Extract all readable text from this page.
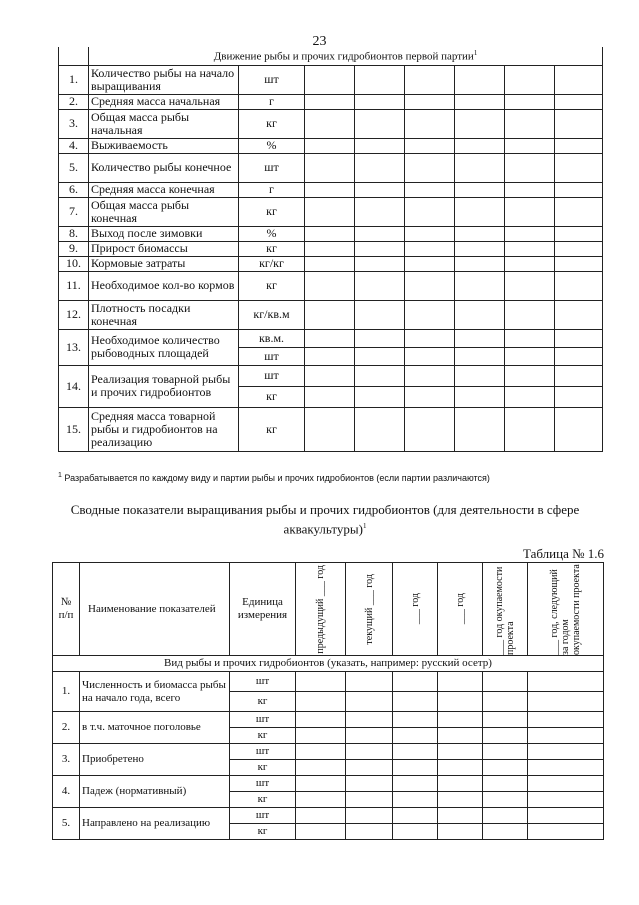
23
	Движение рыбы и прочих гидробионтов первой партии$^1$
1.	Количество рыбы на начало выращивания	шт						
2.	Средняя масса начальная	г						
3.	Общая масса рыбы начальная	кг						
4.	Выживаемость	%						
5.	Количество рыбы конечное	шт						
6.	Средняя масса конечная	г						
7.	Общая масса рыбы конечная	кг						
8.	Выход после зимовки	%						
9.	Прирост биомассы	кг						
10.	Кормовые затраты	кг/кг						
11.	Необходимое кол-во кормов	кг						
12.	Плотность посадки конечная	кг/кв.м						
13.	Необходимое количество рыбоводных площадей	кв.м.						
		шт						
14.	Реализация товарной рыбы и прочих гидробионтов	шт						
		кг						
15.	Средняя масса товарной рыбы и гидробионтов на реализацию	кг						
$^1$ Разрабатывается по каждому виду и партии рыбы и прочих гидробионтов (если партии различаются)
Сводные показатели выращивания рыбы и прочих гидробионтов (для деятельности в сфере аквакультуры)$^1$
Таблица № 1.6
№ п/п	Наименование показателей	Единица измерения	предыдущий ___ год	текущий ___ год	___ год	___ год	___ год окупаемости проекта	___ год, следующий за годом окупаемости проекта

Вид рыбы и прочих гидробионтов (указать, например: русский осетр)								
1.	Численность и биомасса рыбы на начало года, всего	шт						
		кг						
2.	в т.ч. маточное поголовье	шт						
		кг						
3.	Приобретено	шт						
		кг						
4.	Падеж (нормативный)	шт						
		кг						
5.	Направлено на реализацию	шт						
		кг						
